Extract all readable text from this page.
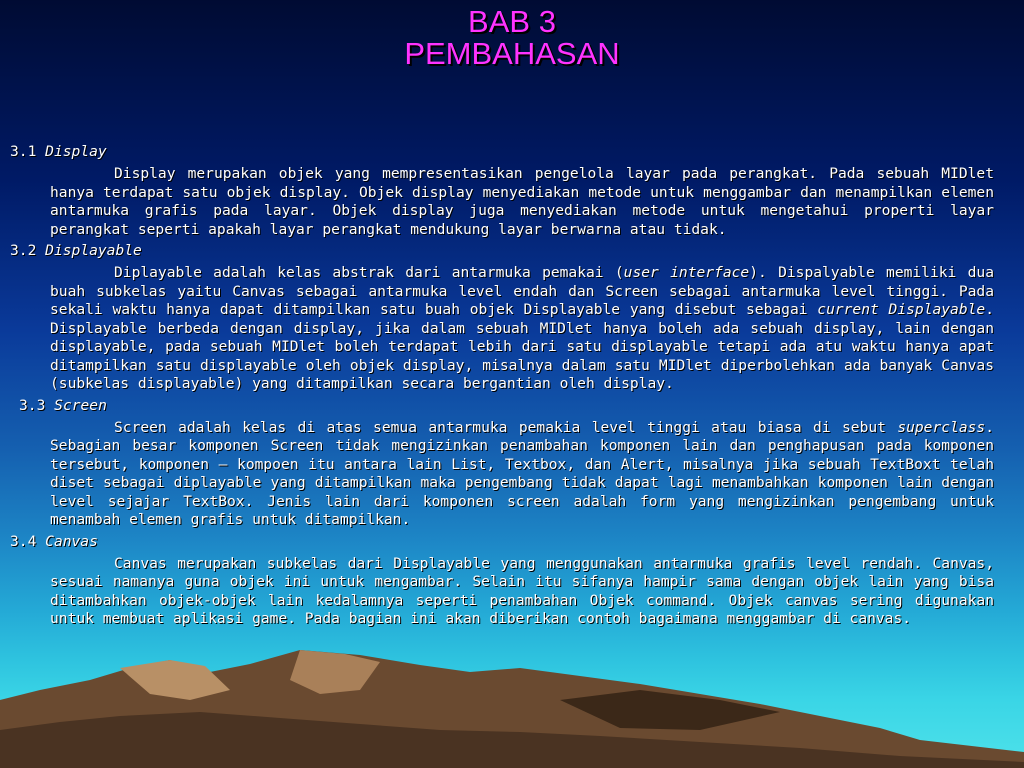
BAB 3
PEMBAHASAN
3.1 Display
Display merupakan objek yang mempresentasikan pengelola layar pada perangkat. Pada sebuah MIDlet hanya terdapat satu objek display. Objek display menyediakan metode untuk menggambar dan menampilkan elemen antarmuka grafis pada layar. Objek display juga menyediakan metode untuk mengetahui properti layar perangkat seperti apakah layar perangkat mendukung layar berwarna atau tidak.
3.2 Displayable
Diplayable adalah kelas abstrak dari antarmuka pemakai (user interface). Dispalyable memiliki dua buah subkelas yaitu Canvas sebagai antarmuka level endah dan Screen sebagai antarmuka level tinggi. Pada sekali waktu hanya dapat ditampilkan satu buah objek Displayable yang disebut sebagai current Displayable. Displayable berbeda dengan display, jika dalam sebuah MIDlet hanya boleh ada sebuah display, lain dengan displayable, pada sebuah MIDlet boleh terdapat lebih dari satu displayable tetapi ada atu waktu hanya apat ditampilkan satu displayable oleh objek display, misalnya dalam satu MIDlet diperbolehkan ada banyak Canvas (subkelas displayable) yang ditampilkan secara bergantian oleh display.
3.3 Screen
Screen adalah kelas di atas semua antarmuka pemakia level tinggi atau biasa di sebut superclass. Sebagian besar komponen Screen tidak mengizinkan penambahan komponen lain dan penghapusan pada komponen tersebut, komponen – kompoen itu antara lain List, Textbox, dan Alert, misalnya jika sebuah TextBoxt telah diset sebagai diplayable yang ditampilkan maka pengembang tidak dapat lagi menambahkan komponen lain dengan level sejajar TextBox. Jenis lain dari komponen screen adalah form yang mengizinkan pengembang untuk menambah elemen grafis untuk ditampilkan.
3.4 Canvas
Canvas merupakan subkelas dari Displayable yang menggunakan antarmuka grafis level rendah. Canvas, sesuai namanya guna objek ini untuk mengambar. Selain itu sifanya hampir sama dengan objek lain yang bisa ditambahkan objek-objek lain kedalamnya seperti penambahan Objek command. Objek canvas sering digunakan untuk membuat aplikasi game. Pada bagian ini akan diberikan contoh bagaimana menggambar di canvas.
